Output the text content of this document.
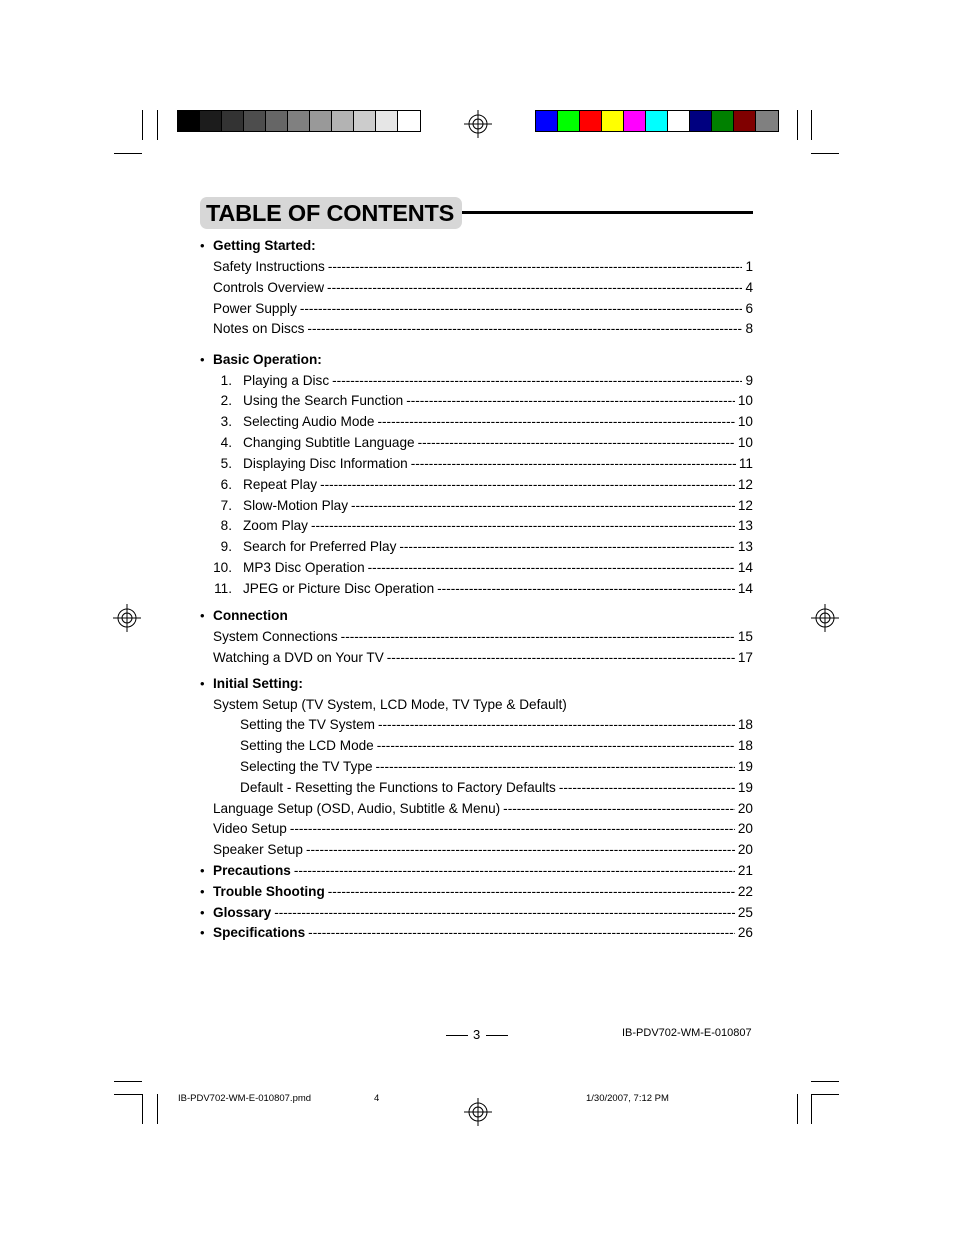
TABLE OF CONTENTS
• Getting Started:
Safety Instructions -----	1
Controls Overview -----	4
Power Supply -----	6
Notes on Discs -----	8
• Basic Operation:
1. Playing a Disc -----	9
2. Using the Search Function -----	10
3. Selecting Audio Mode -----	10
4. Changing Subtitle Language -----	10
5. Displaying Disc Information -----	11
6. Repeat Play -----	12
7. Slow-Motion Play -----	12
8. Zoom Play -----	13
9. Search for Preferred Play -----	13
10. MP3 Disc Operation -----	14
11. JPEG or Picture Disc Operation -----	14
• Connection
System Connections -----	15
Watching a DVD on Your TV -----	17
• Initial Setting:
System Setup (TV System, LCD Mode, TV Type & Default)
Setting the TV System -----	18
Setting the LCD Mode -----	18
Selecting the TV Type -----	19
Default - Resetting the Functions to Factory Defaults -----	19
Language Setup (OSD, Audio, Subtitle & Menu) -----	20
Video Setup -----	20
Speaker Setup -----	20
• Precautions -----	21
• Trouble Shooting -----	22
• Glossary -----	25
• Specifications -----	26
3	IB-PDV702-WM-E-010807
IB-PDV702-WM-E-010807.pmd	4	1/30/2007, 7:12 PM
